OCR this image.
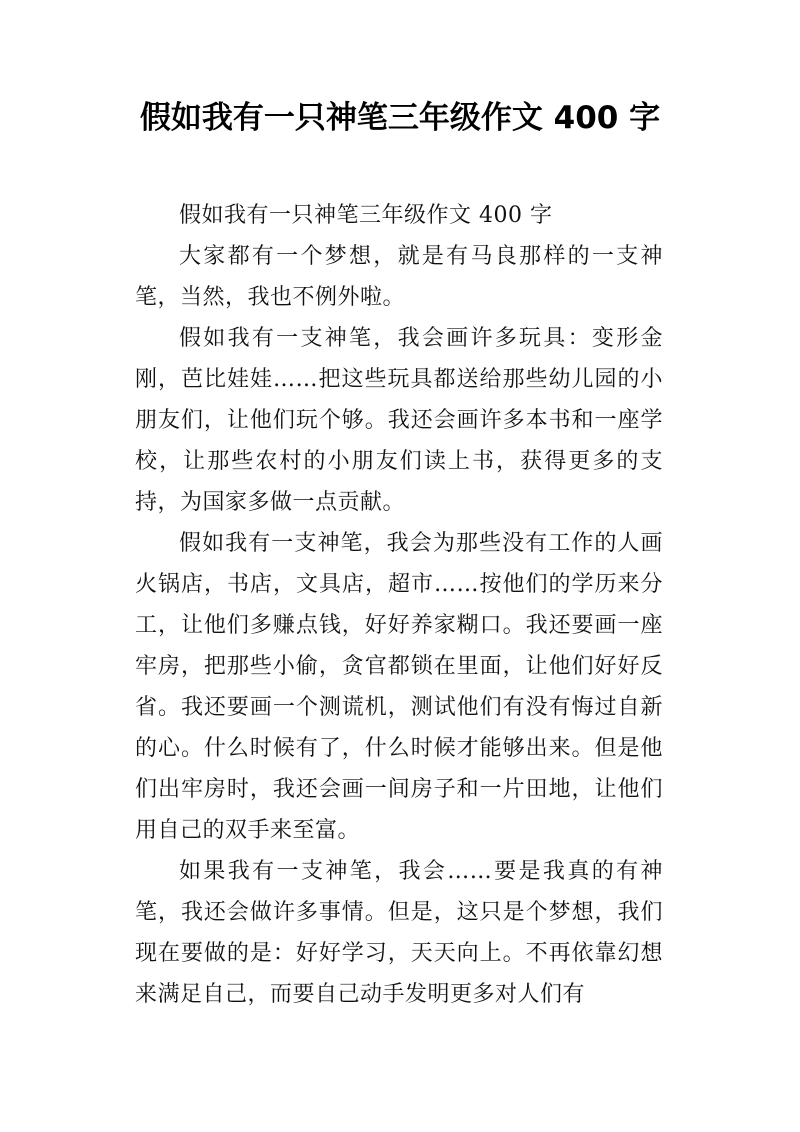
假如我有一只神笔三年级作文 400 字

假如我有一只神笔三年级作文 400 字

大家都有一个梦想，就是有马良那样的一支神笔，当然，我也不例外啦。

假如我有一支神笔，我会画许多玩具：变形金刚，芭比娃娃……把这些玩具都送给那些幼儿园的小朋友们，让他们玩个够。我还会画许多本书和一座学校，让那些农村的小朋友们读上书，获得更多的支持，为国家多做一点贡献。

假如我有一支神笔，我会为那些没有工作的人画火锅店，书店，文具店，超市……按他们的学历来分工，让他们多赚点钱，好好养家糊口。我还要画一座牢房，把那些小偷，贪官都锁在里面，让他们好好反省。我还要画一个测谎机，测试他们有没有悔过自新的心。什么时候有了，什么时候才能够出来。但是他们出牢房时，我还会画一间房子和一片田地，让他们用自己的双手来至富。

如果我有一支神笔，我会……要是我真的有神笔，我还会做许多事情。但是，这只是个梦想，我们现在要做的是：好好学习，天天向上。不再依靠幻想来满足自己，而要自己动手发明更多对人们有
